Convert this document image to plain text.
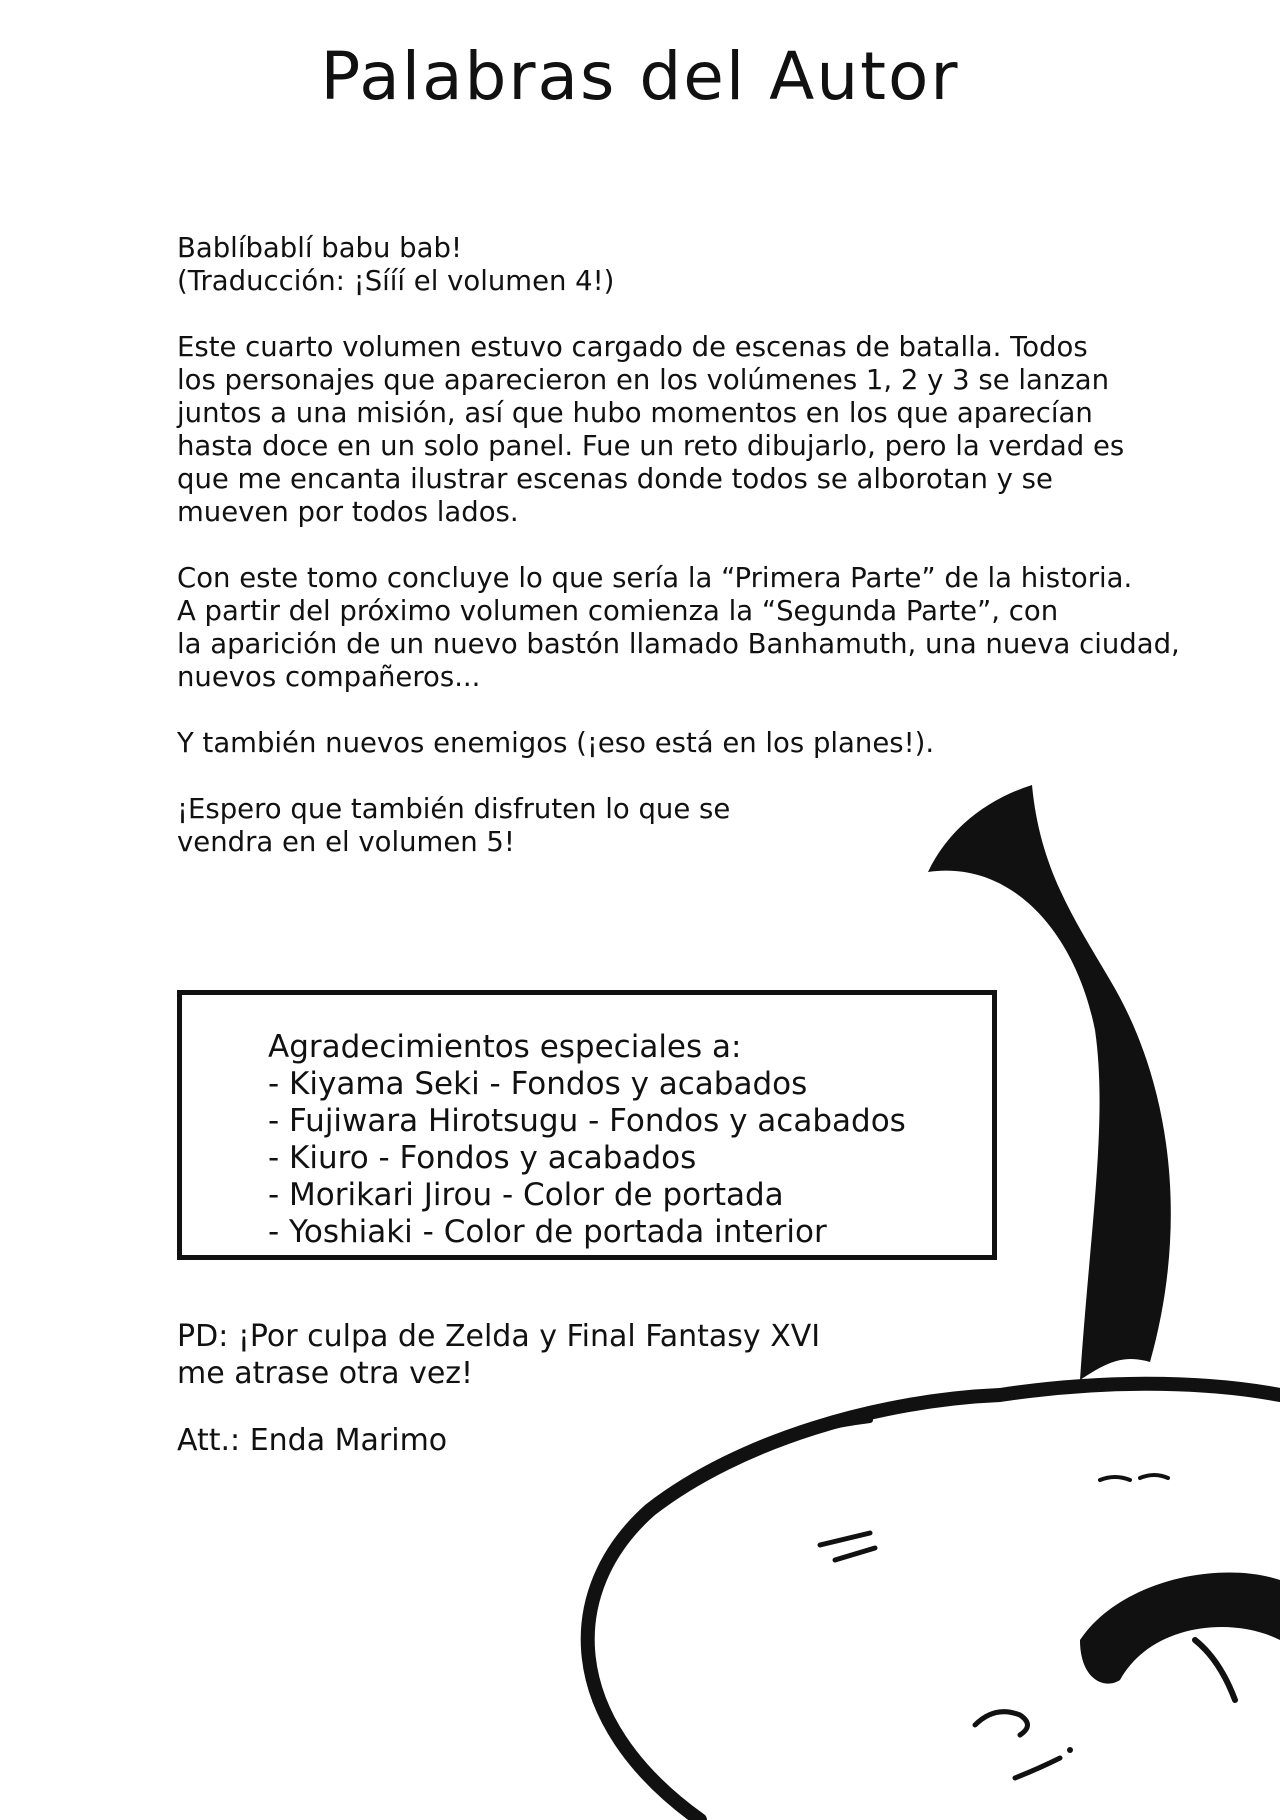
Palabras del Autor

Bablíbablí babu bab!
(Traducción: ¡Sííí el volumen 4!)

Este cuarto volumen estuvo cargado de escenas de batalla. Todos
los personajes que aparecieron en los volúmenes 1, 2 y 3 se lanzan
juntos a una misión, así que hubo momentos en los que aparecían
hasta doce en un solo panel. Fue un reto dibujarlo, pero la verdad es
que me encanta ilustrar escenas donde todos se alborotan y se
mueven por todos lados.

Con este tomo concluye lo que sería la “Primera Parte” de la historia.
A partir del próximo volumen comienza la “Segunda Parte”, con
la aparición de un nuevo bastón llamado Banhamuth, una nueva ciudad,
nuevos compañeros...

Y también nuevos enemigos (¡eso está en los planes!).

¡Espero que también disfruten lo que se
vendra en el volumen 5!

Agradecimientos especiales a:
- Kiyama Seki - Fondos y acabados
- Fujiwara Hirotsugu - Fondos y acabados
- Kiuro - Fondos y acabados
- Morikari Jirou - Color de portada
- Yoshiaki - Color de portada interior

PD: ¡Por culpa de Zelda y Final Fantasy XVI
me atrase otra vez!

Att.: Enda Marimo
